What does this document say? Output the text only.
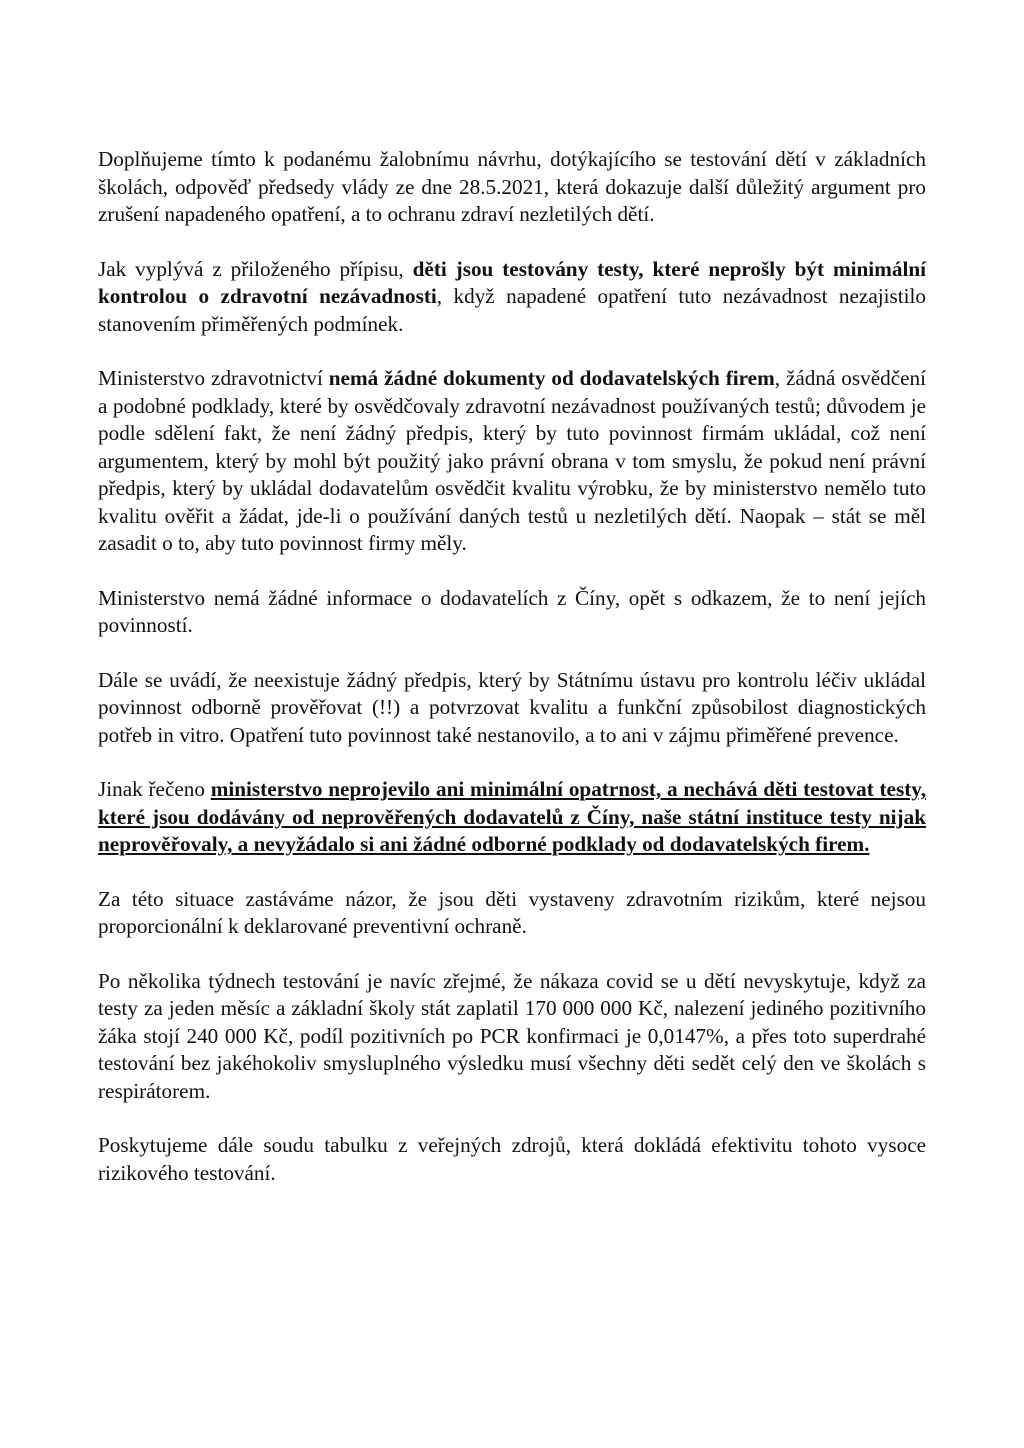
Doplňujeme tímto k podanému žalobnímu návrhu, dotýkajícího se testování dětí v základních školách, odpověď předsedy vlády ze dne 28.5.2021, která dokazuje další důležitý argument pro zrušení napadeného opatření, a to ochranu zdraví nezletilých dětí.

Jak vyplývá z přiloženého přípisu, děti jsou testovány testy, které neprošly být minimální kontrolou o zdravotní nezávadnosti, když napadené opatření tuto nezávadnost nezajistilo stanovením přiměřených podmínek.

Ministerstvo zdravotnictví nemá žádné dokumenty od dodavatelských firem, žádná osvědčení a podobné podklady, které by osvědčovaly zdravotní nezávadnost používaných testů; důvodem je podle sdělení fakt, že není žádný předpis, který by tuto povinnost firmám ukládal, což není argumentem, který by mohl být použitý jako právní obrana v tom smyslu, že pokud není právní předpis, který by ukládal dodavatelům osvědčit kvalitu výrobku, že by ministerstvo nemělo tuto kvalitu ověřit a žádat, jde-li o používání daných testů u nezletilých dětí. Naopak – stát se měl zasadit o to, aby tuto povinnost firmy měly.

Ministerstvo nemá žádné informace o dodavatelích z Číny, opět s odkazem, že to není jejích povinností.

Dále se uvádí, že neexistuje žádný předpis, který by Státnímu ústavu pro kontrolu léčiv ukládal povinnost odborně prověřovat (!!) a potvrzovat kvalitu a funkční způsobilost diagnostických potřeb in vitro. Opatření tuto povinnost také nestanovilo, a to ani v zájmu přiměřené prevence.

Jinak řečeno ministerstvo neprojevilo ani minimální opatrnost, a nechává děti testovat testy, které jsou dodávány od neprověřených dodavatelů z Číny, naše státní instituce testy nijak neprověřovaly, a nevyžádalo si ani žádné odborné podklady od dodavatelských firem.

Za této situace zastáváme názor, že jsou děti vystaveny zdravotním rizikům, které nejsou proporcionální k deklarované preventivní ochraně.

Po několika týdnech testování je navíc zřejmé, že nákaza covid se u dětí nevyskytuje, když za testy za jeden měsíc a základní školy stát zaplatil 170 000 000 Kč, nalezení jediného pozitivního žáka stojí 240 000 Kč, podíl pozitivních po PCR konfirmaci je 0,0147%, a přes toto superdrahé testování bez jakéhokoliv smysluplného výsledku musí všechny děti sedět celý den ve školách s respirátorem.

Poskytujeme dále soudu tabulku z veřejných zdrojů, která dokládá efektivitu tohoto vysoce rizikového testování.
